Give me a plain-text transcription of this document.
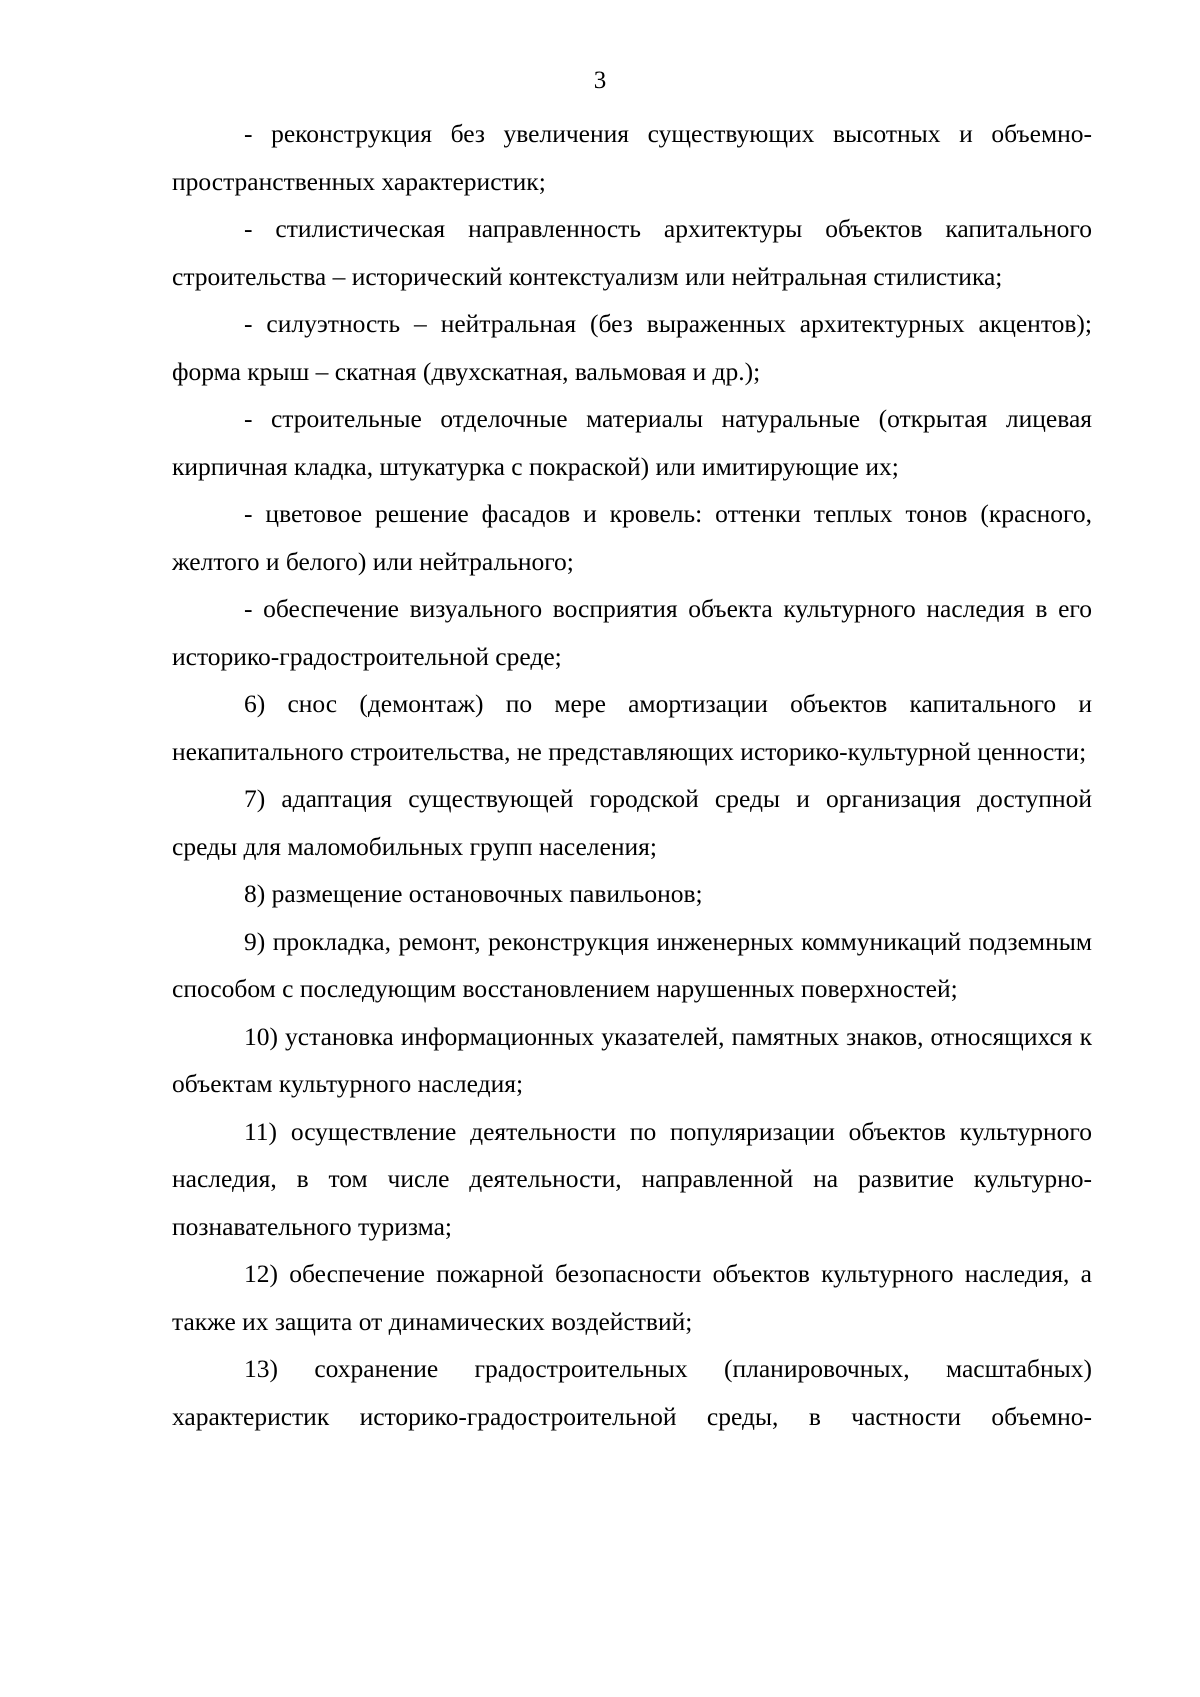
3

- реконструкция без увеличения существующих высотных и объемно-пространственных характеристик;

- стилистическая направленность архитектуры объектов капитального строительства – исторический контекстуализм или нейтральная стилистика;

- силуэтность – нейтральная (без выраженных архитектурных акцентов); форма крыш – скатная (двухскатная, вальмовая и др.);

- строительные отделочные материалы натуральные (открытая лицевая кирпичная кладка, штукатурка с покраской) или имитирующие их;

- цветовое решение фасадов и кровель: оттенки теплых тонов (красного, желтого и белого) или нейтрального;

- обеспечение визуального восприятия объекта культурного наследия в его историко-градостроительной среде;

6) снос (демонтаж) по мере амортизации объектов капитального и некапитального строительства, не представляющих историко-культурной ценности;

7) адаптация существующей городской среды и организация доступной среды для маломобильных групп населения;

8) размещение остановочных павильонов;

9) прокладка, ремонт, реконструкция инженерных коммуникаций подземным способом с последующим восстановлением нарушенных поверхностей;

10) установка информационных указателей, памятных знаков, относящихся к объектам культурного наследия;

11) осуществление деятельности по популяризации объектов культурного наследия, в том числе деятельности, направленной на развитие культурно-познавательного туризма;

12) обеспечение пожарной безопасности объектов культурного наследия, а также их защита от динамических воздействий;

13) сохранение градостроительных (планировочных, масштабных) характеристик историко-градостроительной среды, в частности объемно-
